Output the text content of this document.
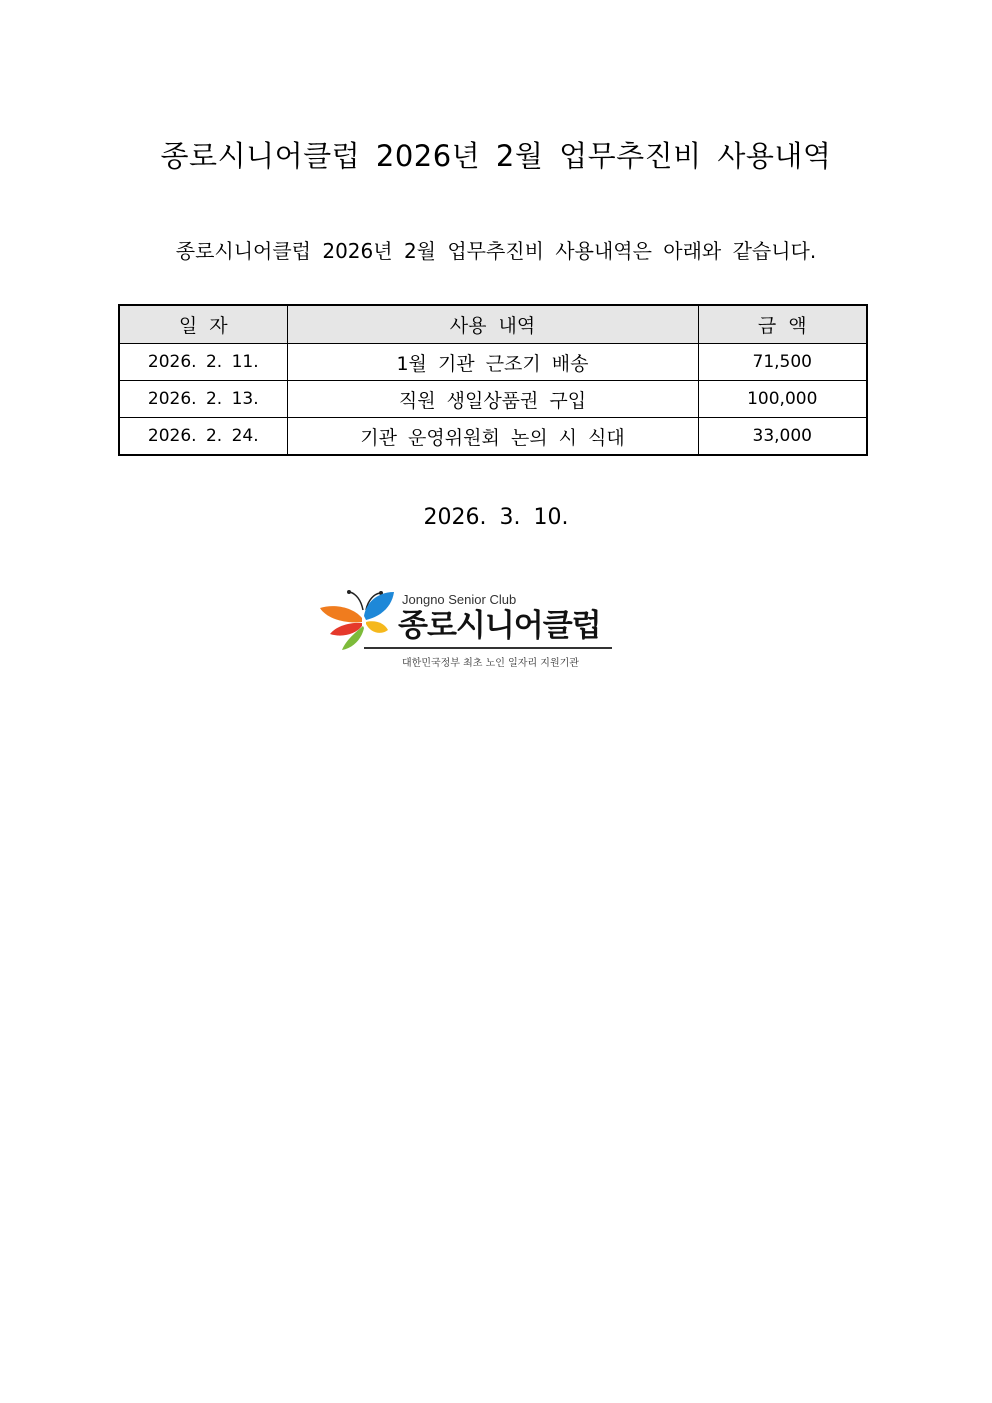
종로시니어클럽 2026년 2월 업무추진비 사용내역

종로시니어클럽 2026년 2월 업무추진비 사용내역은 아래와 같습니다.

일 자	사용 내역	금 액
2026. 2. 11.	1월 기관 근조기 배송	71,500
2026. 2. 13.	직원 생일상품권 구입	100,000
2026. 2. 24.	기관 운영위원회 논의 시 식대	33,000

2026. 3. 10.

Jongno Senior Club
종로시니어클럽
대한민국정부 최초 노인 일자리 지원기관
